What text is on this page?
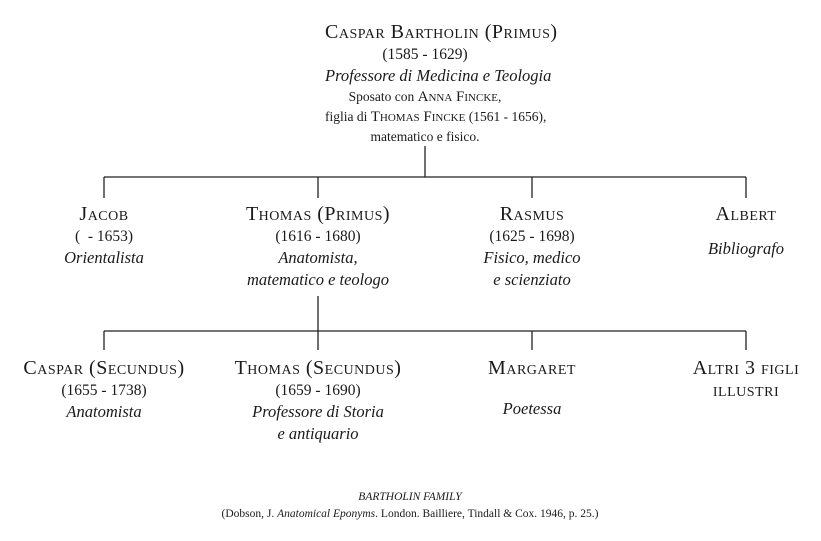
Caspar Bartholin (Primus)
(1585 - 1629)
Professore di Medicina e Teologia
Sposato con Anna Fincke,
figlia di Thomas Fincke (1561 - 1656),
matematico e fisico.
Jacob
(  - 1653)
Orientalista
Thomas (Primus)
(1616 - 1680)
Anatomista,
matematico e teologo
Rasmus
(1625 - 1698)
Fisico, medico
e scienziato
Albert
Bibliografo
Caspar (Secundus)
(1655 - 1738)
Anatomista
Thomas (Secundus)
(1659 - 1690)
Professore di Storia
e antiquario
Margaret
Poetessa
Altri 3 figli
illustri
BARTHOLIN FAMILY
(Dobson, J. Anatomical Eponyms. London. Bailliere, Tindall & Cox. 1946, p. 25.)
